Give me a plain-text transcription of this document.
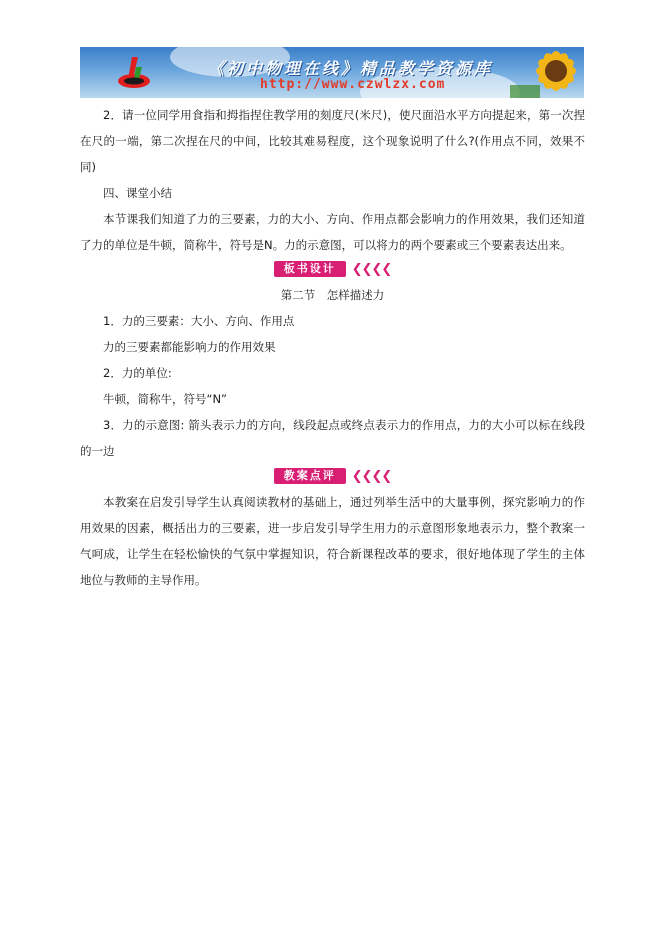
《初中物理在线》精品教学资源库
http://www.czwlzx.com

2．请一位同学用食指和拇指捏住教学用的刻度尺(米尺)，使尺面沿水平方向提起来，第一次捏在尺的一端，第二次捏在尺的中间，比较其难易程度，这个现象说明了什么?(作用点不同，效果不同)

四、课堂小结

本节课我们知道了力的三要素，力的大小、方向、作用点都会影响力的作用效果，我们还知道了力的单位是牛顿，简称牛，符号是N。力的示意图，可以将力的两个要素或三个要素表达出来。

板书设计	❮❮❮❮

第二节　怎样描述力

1．力的三要素：大小、方向、作用点

力的三要素都能影响力的作用效果

2．力的单位:

牛顿，简称牛，符号“N”

3．力的示意图: 箭头表示力的方向，线段起点或终点表示力的作用点，力的大小可以标在线段的一边

教案点评	❮❮❮❮

本教案在启发引导学生认真阅读教材的基础上，通过列举生活中的大量事例，探究影响力的作用效果的因素，概括出力的三要素，进一步启发引导学生用力的示意图形象地表示力，整个教案一气呵成，让学生在轻松愉快的气氛中掌握知识，符合新课程改革的要求，很好地体现了学生的主体地位与教师的主导作用。
